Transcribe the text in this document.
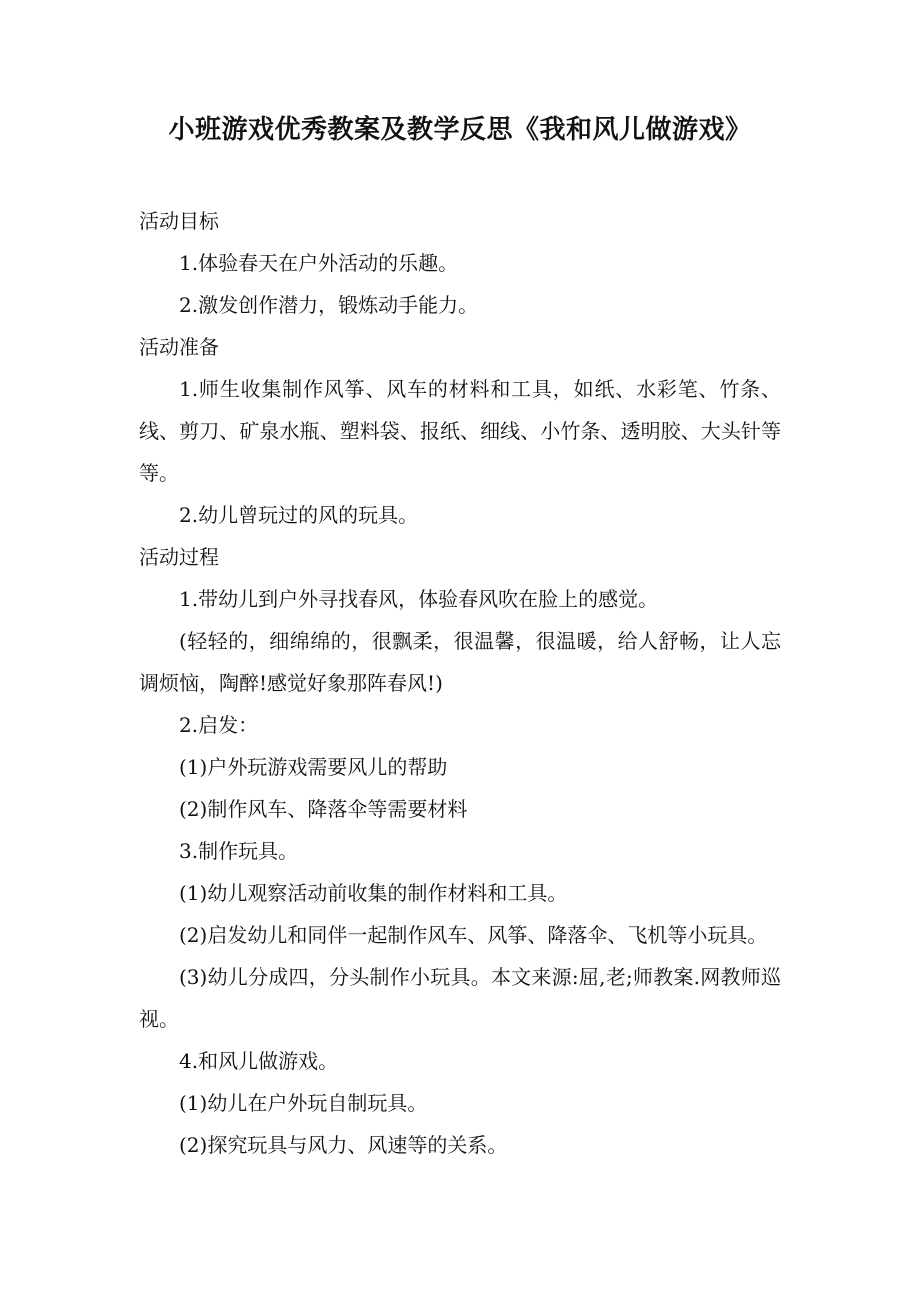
小班游戏优秀教案及教学反思《我和风儿做游戏》

活动目标

1.体验春天在户外活动的乐趣。

2.激发创作潜力，锻炼动手能力。

活动准备

1.师生收集制作风筝、风车的材料和工具，如纸、水彩笔、竹条、线、剪刀、矿泉水瓶、塑料袋、报纸、细线、小竹条、透明胶、大头针等等。

2.幼儿曾玩过的风的玩具。

活动过程

1.带幼儿到户外寻找春风，体验春风吹在脸上的感觉。

(轻轻的，细绵绵的，很飘柔，很温馨，很温暖，给人舒畅，让人忘调烦恼，陶醉!感觉好象那阵春风!)

2.启发：

(1)户外玩游戏需要风儿的帮助

(2)制作风车、降落伞等需要材料

3.制作玩具。

(1)幼儿观察活动前收集的制作材料和工具。

(2)启发幼儿和同伴一起制作风车、风筝、降落伞、飞机等小玩具。

(3)幼儿分成四，分头制作小玩具。本文来源:屈,老;师教案.网教师巡视。

4.和风儿做游戏。

(1)幼儿在户外玩自制玩具。

(2)探究玩具与风力、风速等的关系。
